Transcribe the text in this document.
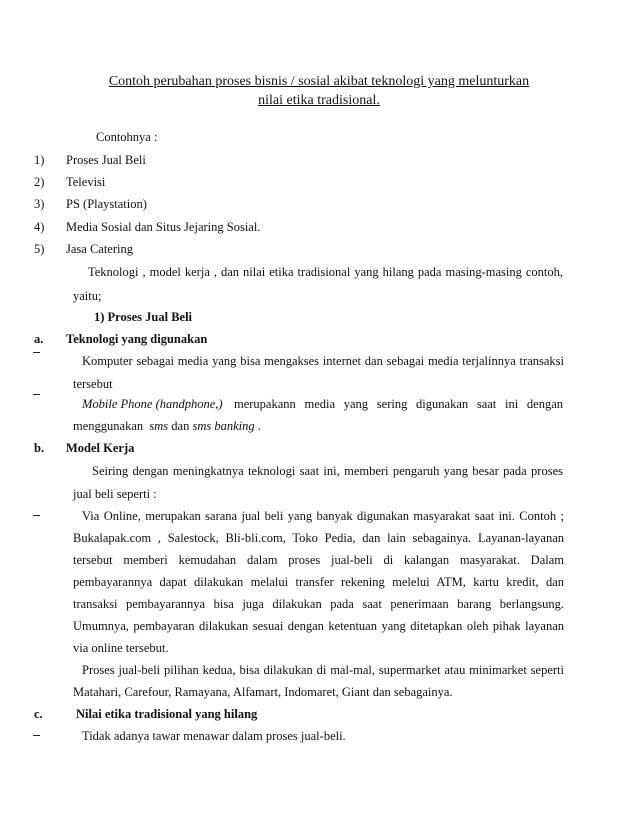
Contoh perubahan proses bisnis / sosial akibat teknologi yang melunturkan
nilai etika tradisional.
Contohnya :
1) Proses Jual Beli
2) Televisi
3) PS (Playstation)
4) Media Sosial dan Situs Jejaring Sosial.
5) Jasa Catering
Teknologi , model kerja , dan nilai etika tradisional yang hilang pada masing-masing contoh,
yaitu;
1) Proses Jual Beli
a. Teknologi yang digunakan
Komputer sebagai media yang bisa mengakses internet dan sebagai media terjalinnya transaksi
tersebut
Mobile Phone (handphone,) merupakann media yang sering digunakan saat ini dengan
menggunakan sms dan sms banking .
b. Model Kerja
Seiring dengan meningkatnya teknologi saat ini, memberi pengaruh yang besar pada proses
jual beli seperti :
Via Online, merupakan sarana jual beli yang banyak digunakan masyarakat saat ini. Contoh ;
Bukalapak.com , Salestock, Bli-bli.com, Toko Pedia, dan lain sebagainya. Layanan-layanan
tersebut memberi kemudahan dalam proses jual-beli di kalangan masyarakat. Dalam
pembayarannya dapat dilakukan melalui transfer rekening melelui ATM, kartu kredit, dan
transaksi pembayarannya bisa juga dilakukan pada saat penerimaan barang berlangsung.
Umumnya, pembayaran dilakukan sesuai dengan ketentuan yang ditetapkan oleh pihak layanan
via online tersebut.
Proses jual-beli pilihan kedua, bisa dilakukan di mal-mal, supermarket atau minimarket seperti
Matahari, Carefour, Ramayana, Alfamart, Indomaret, Giant dan sebagainya.
c.	Nilai etika tradisional yang hilang
Tidak adanya tawar menawar dalam proses jual-beli.
